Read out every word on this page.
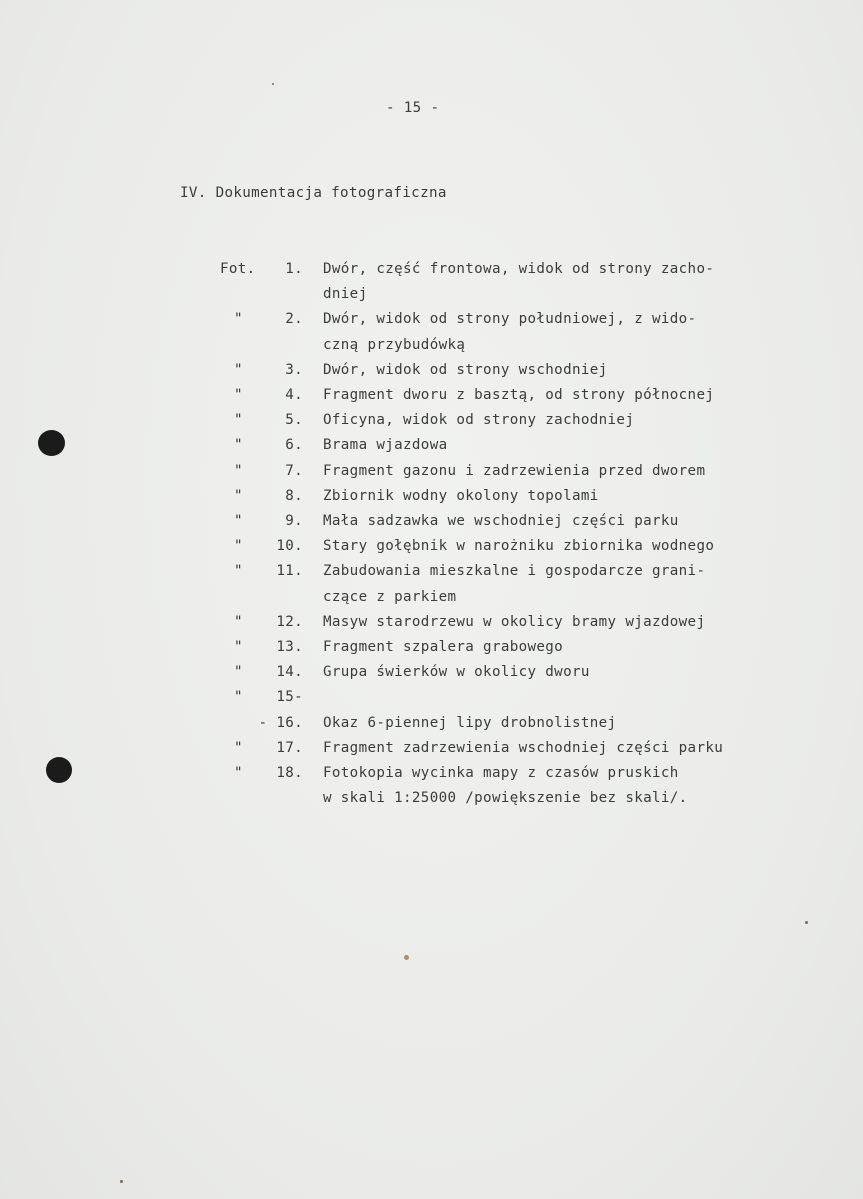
- 15 -
IV. Dokumentacja fotograficzna
Fot. 1. Dwór, część frontowa, widok od strony zacho-
dniej
"	2. Dwór, widok od strony południowej, z wido-
czną przybudówką
"	3. Dwór, widok od strony wschodniej
"	4. Fragment dworu z basztą, od strony północnej
"	5. Oficyna, widok od strony zachodniej
"	6. Brama wjazdowa
"	7. Fragment gazonu i zadrzewienia przed dworem
"	8. Zbiornik wodny okolony topolami
"	9. Mała sadzawka we wschodniej części parku
" 10. Stary gołębnik w narożniku zbiornika wodnego
" 11. Zabudowania mieszkalne i gospodarcze grani-
czące z parkiem
" 12. Masyw starodrzewu w okolicy bramy wjazdowej
" 13. Fragment szpalera grabowego
" 14. Grupa świerków w okolicy dworu
" 15-
- 16. Okaz 6-piennej lipy drobnolistnej
" 17. Fragment zadrzewienia wschodniej części parku
" 18. Fotokopia wycinka mapy z czasów pruskich
w skali 1:25000 /powiększenie bez skali/.
